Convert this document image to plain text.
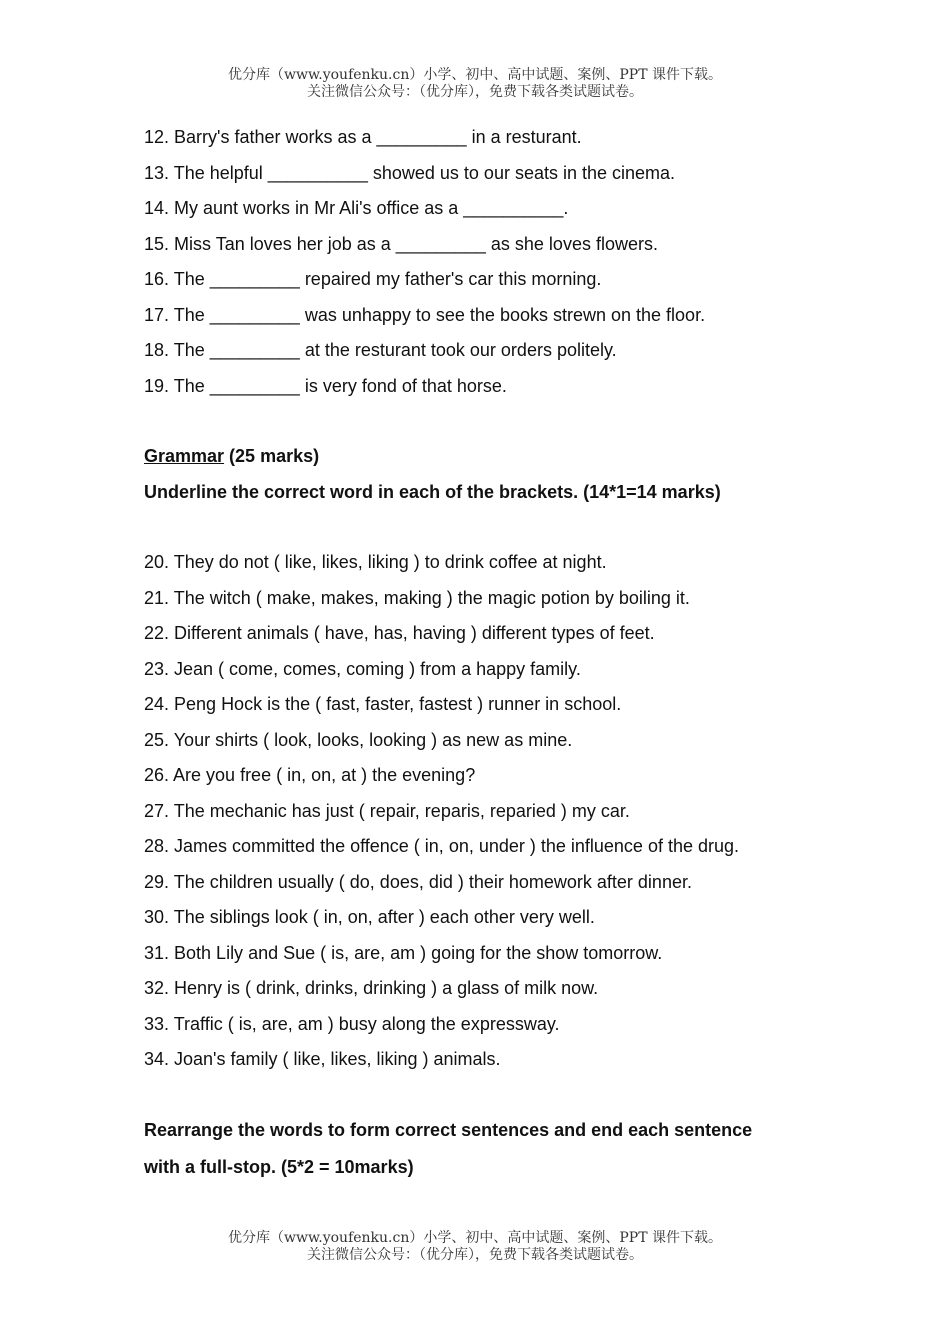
优分库（www.youfenku.cn）小学、初中、高中试题、案例、PPT 课件下载。
关注微信公众号：（优分库），免费下载各类试题试卷。
12. Barry's father works as a _________ in a resturant.
13. The helpful __________ showed us to our seats in the cinema.
14. My aunt works in Mr Ali's office as a __________.
15. Miss Tan loves her job as a _________ as she loves flowers.
16. The _________ repaired my father's car this morning.
17. The _________ was unhappy to see the books strewn on the floor.
18. The _________ at the resturant took our orders politely.
19. The _________ is very fond of that horse.
Grammar (25 marks)
Underline the correct word in each of the brackets. (14*1=14 marks)
20. They do not ( like, likes, liking ) to drink coffee at night.
21. The witch ( make, makes, making ) the magic potion by boiling it.
22. Different animals ( have, has, having ) different types of feet.
23. Jean ( come, comes, coming ) from a happy family.
24. Peng Hock is the ( fast, faster, fastest ) runner in school.
25. Your shirts ( look, looks, looking ) as new as mine.
26. Are you free ( in, on, at ) the evening?
27. The mechanic has just ( repair, reparis, reparied ) my car.
28. James committed the offence ( in, on, under ) the influence of the drug.
29. The children usually ( do, does, did ) their homework after dinner.
30. The siblings look ( in, on, after ) each other very well.
31. Both Lily and Sue ( is, are, am ) going for the show tomorrow.
32. Henry is ( drink, drinks, drinking ) a glass of milk now.
33. Traffic ( is, are, am ) busy along the expressway.
34. Joan's family ( like, likes, liking ) animals.
Rearrange the words to form correct sentences and end each sentence
with a full-stop. (5*2 = 10marks)
优分库（www.youfenku.cn）小学、初中、高中试题、案例、PPT 课件下载。
关注微信公众号：（优分库），免费下载各类试题试卷。
